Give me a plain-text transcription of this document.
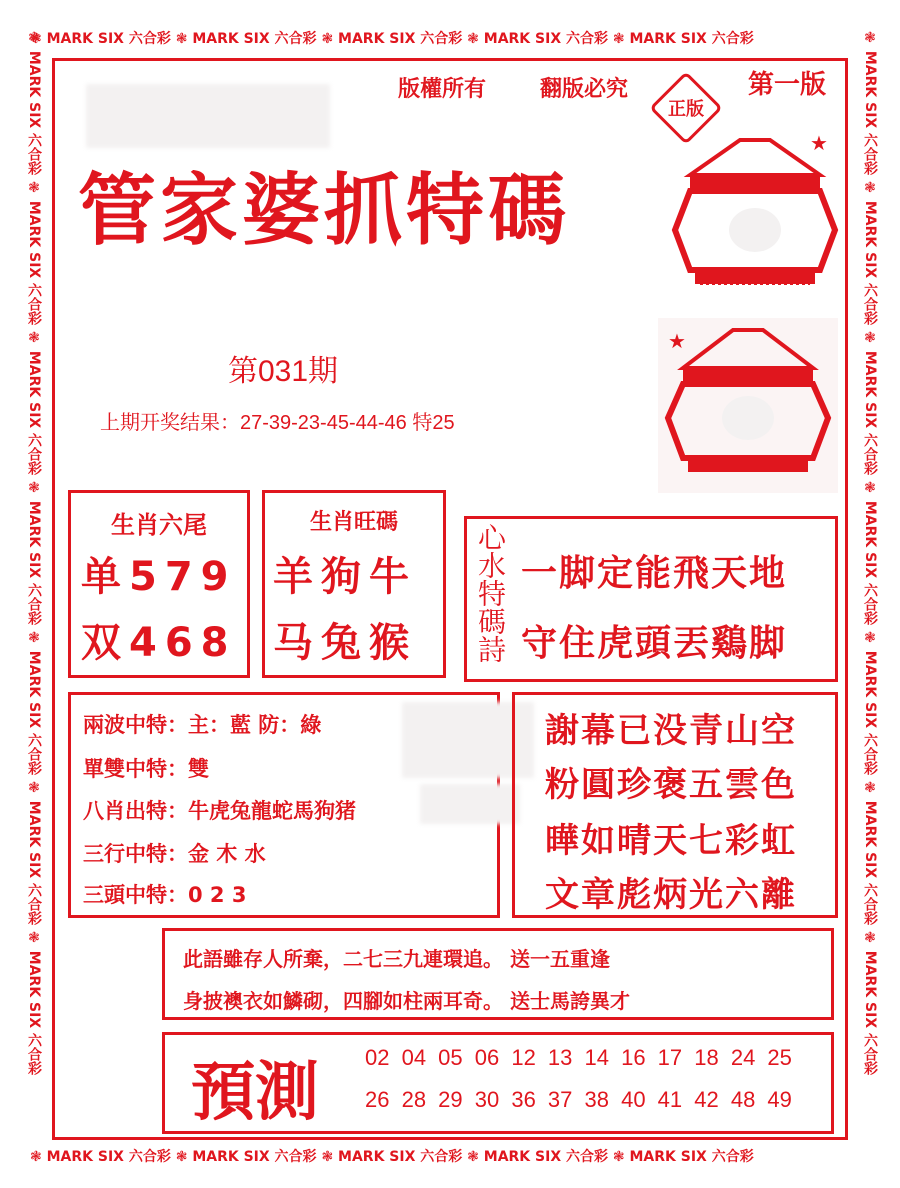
❃ MARK SIX 六合彩 ❃ MARK SIX 六合彩 ❃ MARK SIX 六合彩 ❃ MARK SIX 六合彩 ❃ MARK SIX 六合彩
❃ MARK SIX 六合彩 ❃ MARK SIX 六合彩 ❃ MARK SIX 六合彩 ❃ MARK SIX 六合彩 ❃ MARK SIX 六合彩
❃ MARK SIX 六合彩 ❃ MARK SIX 六合彩 ❃ MARK SIX 六合彩 ❃ MARK SIX 六合彩 ❃ MARK SIX 六合彩 ❃ MARK SIX 六合彩 ❃ MARK SIX 六合彩
❃ MARK SIX 六合彩 ❃ MARK SIX 六合彩 ❃ MARK SIX 六合彩 ❃ MARK SIX 六合彩 ❃ MARK SIX 六合彩 ❃ MARK SIX 六合彩 ❃ MARK SIX 六合彩
版權所有 翻版必究
正版
第一版
管家婆抓特碼
★
★
第031期
上期开奖结果：27-39-23-45-44-46 特25
生肖六尾
单579
双468
生肖旺碼
羊狗牛
马兔猴 心水特碼詩 一脚定能飛天地
守住虎頭丟鷄脚
兩波中特：主：藍 防：綠
單雙中特：雙
八肖出特：牛虎兔龍蛇馬狗猪
三行中特：金 木 水
三頭中特：0 2 3
謝幕已没青山空
粉圓珍褒五雲色
曄如晴天七彩虹
文章彪炳光六離
此語雖存人所棄，二七三九連環追。 送一五重逢
身披襖衣如鱗砌，四腳如柱兩耳奇。 送士馬誇異才
預測 02 04 05 06 12 13 14 16 17 18 24 25
26 28 29 30 36 37 38 40 41 42 48 49
